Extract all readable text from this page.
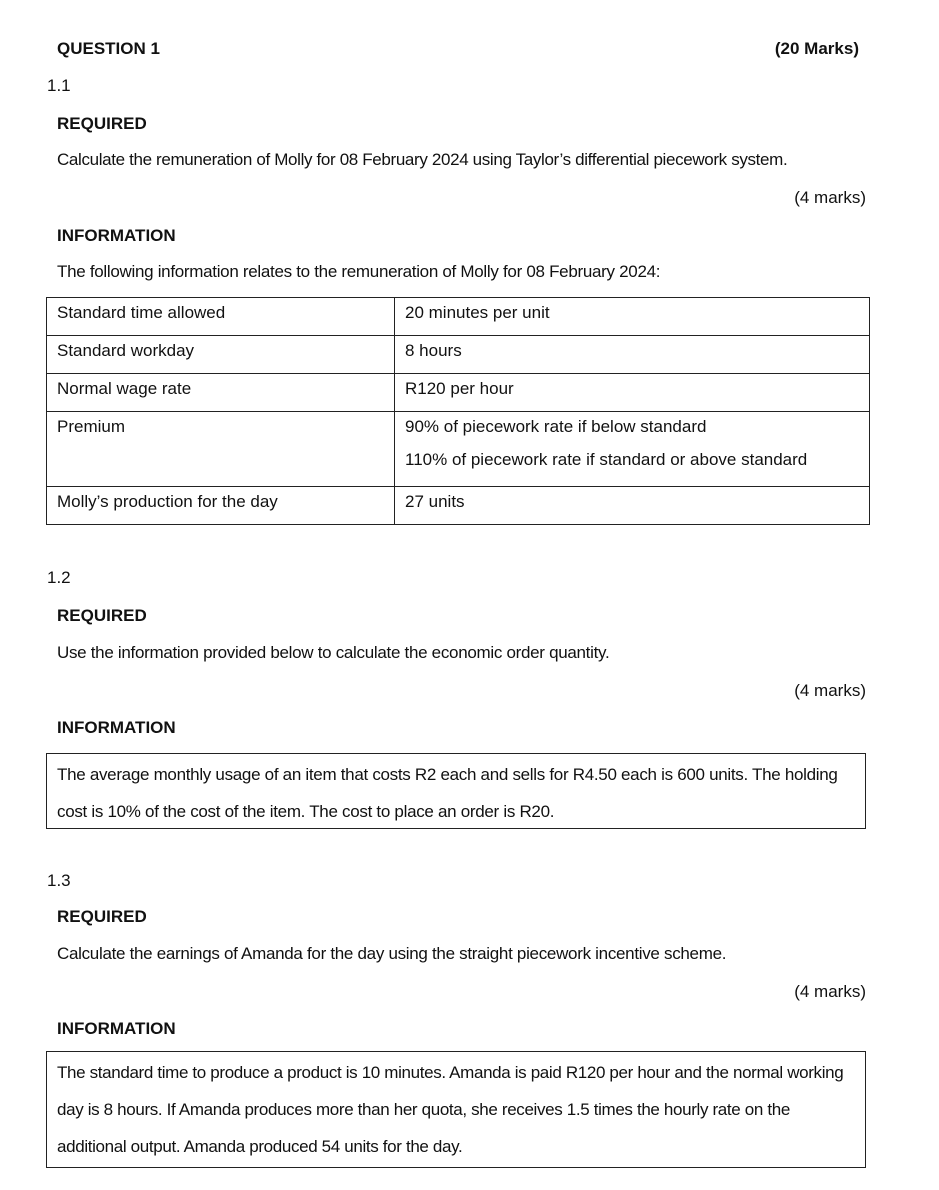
QUESTION 1	(20 Marks)
1.1
REQUIRED
Calculate the remuneration of Molly for 08 February 2024 using Taylor’s differential piecework system.
(4 marks)
INFORMATION
The following information relates to the remuneration of Molly for 08 February 2024:
Standard time allowed	20 minutes per unit
Standard workday	8 hours
Normal wage rate	R120 per hour
Premium	90% of piecework rate if below standard
110% of piecework rate if standard or above standard

Molly’s production for the day	27 units
1.2
REQUIRED
Use the information provided below to calculate the economic order quantity.
(4 marks)
INFORMATION
The average monthly usage of an item that costs R2 each and sells for R4.50 each is 600 units. The holding cost is 10% of the cost of the item. The cost to place an order is R20.
1.3
REQUIRED
Calculate the earnings of Amanda for the day using the straight piecework incentive scheme.
(4 marks)
INFORMATION
The standard time to produce a product is 10 minutes. Amanda is paid R120 per hour and the normal working day is 8 hours. If Amanda produces more than her quota, she receives 1.5 times the hourly rate on the additional output. Amanda produced 54 units for the day.
